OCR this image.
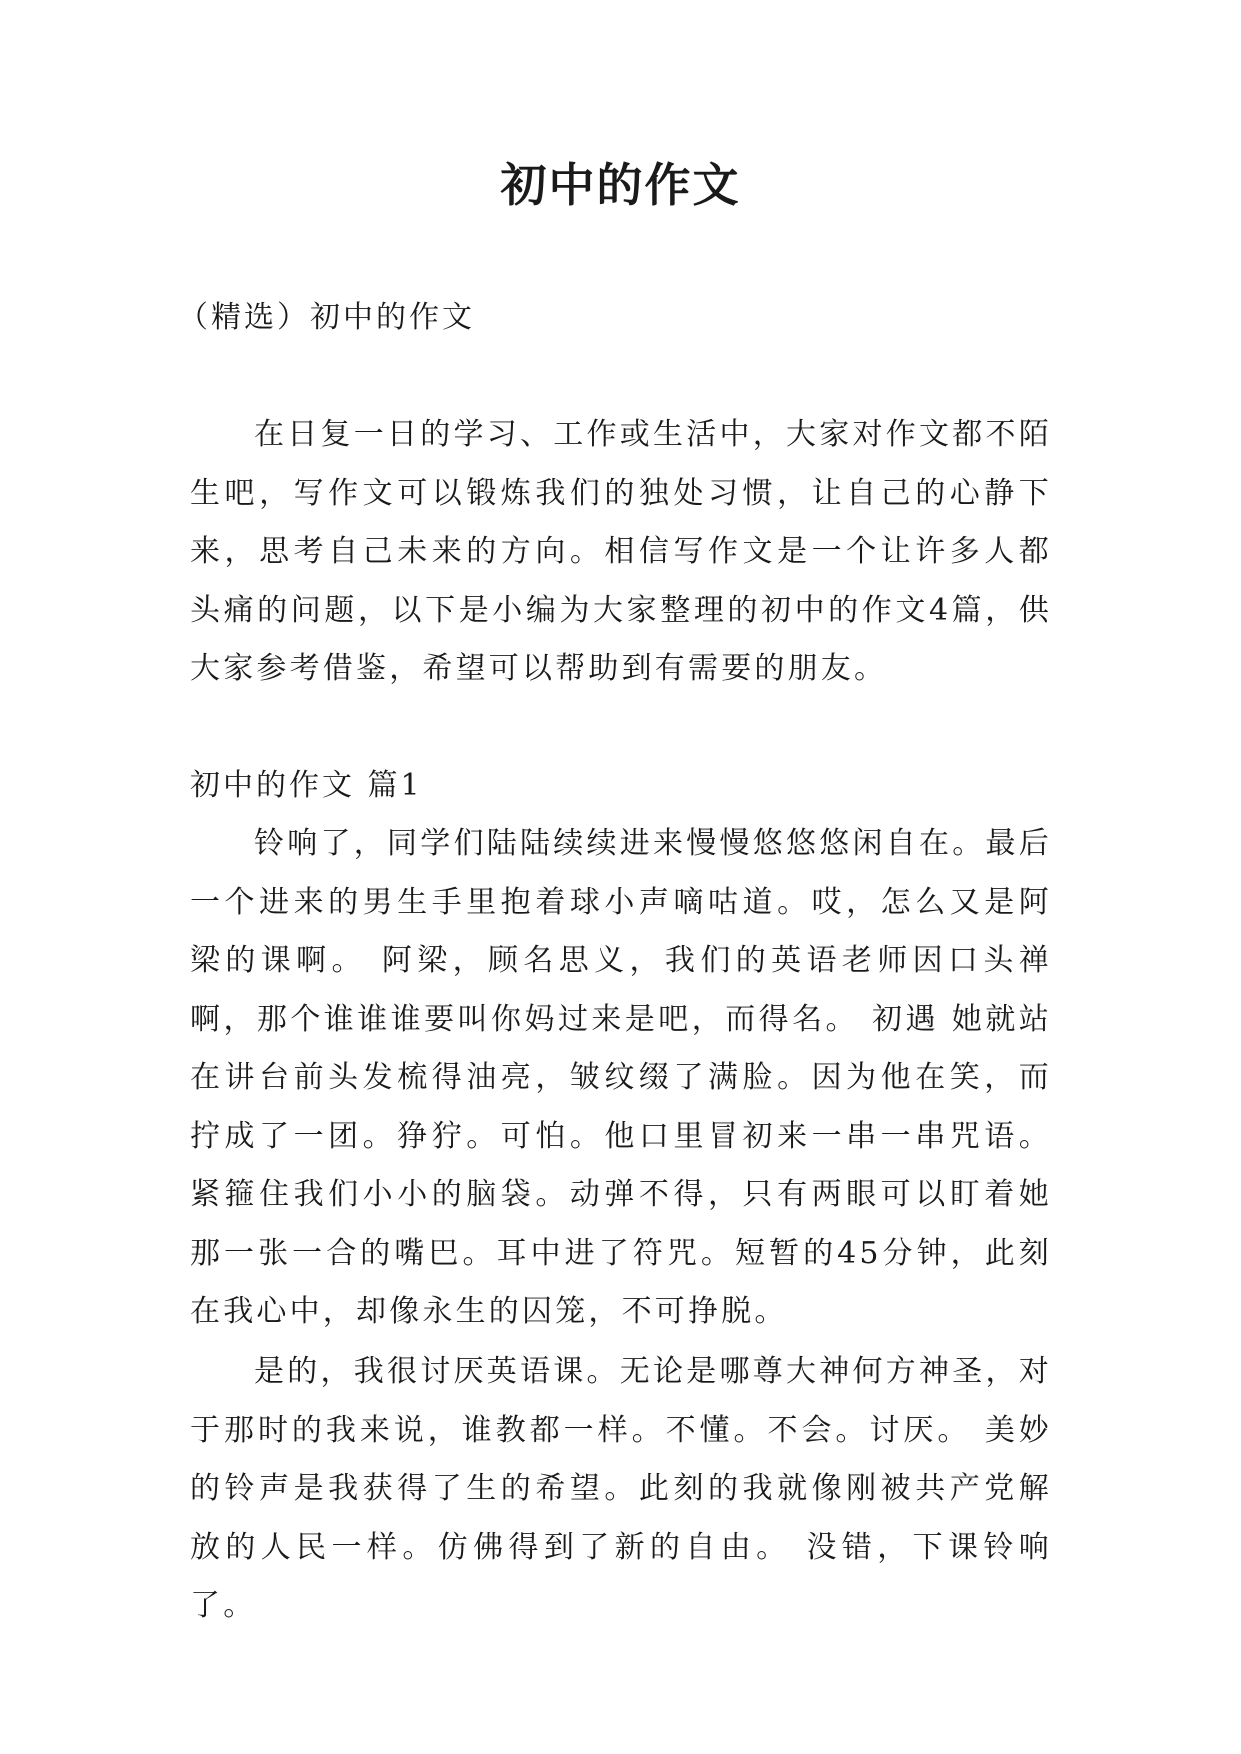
初中的作文

（精选）初中的作文

在日复一日的学习、工作或生活中，大家对作文都不陌生吧，写作文可以锻炼我们的独处习惯，让自己的心静下来，思考自己未来的方向。相信写作文是一个让许多人都头痛的问题，以下是小编为大家整理的初中的作文4篇，供大家参考借鉴，希望可以帮助到有需要的朋友。

初中的作文 篇1

铃响了，同学们陆陆续续进来慢慢悠悠悠闲自在。最后一个进来的男生手里抱着球小声嘀咕道。哎，怎么又是阿梁的课啊。 阿梁，顾名思义，我们的英语老师因口头禅啊，那个谁谁谁要叫你妈过来是吧，而得名。 初遇 她就站在讲台前头发梳得油亮，皱纹缀了满脸。因为他在笑，而拧成了一团。狰狞。可怕。他口里冒初来一串一串咒语。紧箍住我们小小的脑袋。动弹不得，只有两眼可以盯着她那一张一合的嘴巴。耳中进了符咒。短暂的45分钟，此刻在我心中，却像永生的囚笼，不可挣脱。

是的，我很讨厌英语课。无论是哪尊大神何方神圣，对于那时的我来说，谁教都一样。不懂。不会。讨厌。 美妙的铃声是我获得了生的希望。此刻的我就像刚被共产党解放的人民一样。仿佛得到了新的自由。 没错，下课铃响了。
